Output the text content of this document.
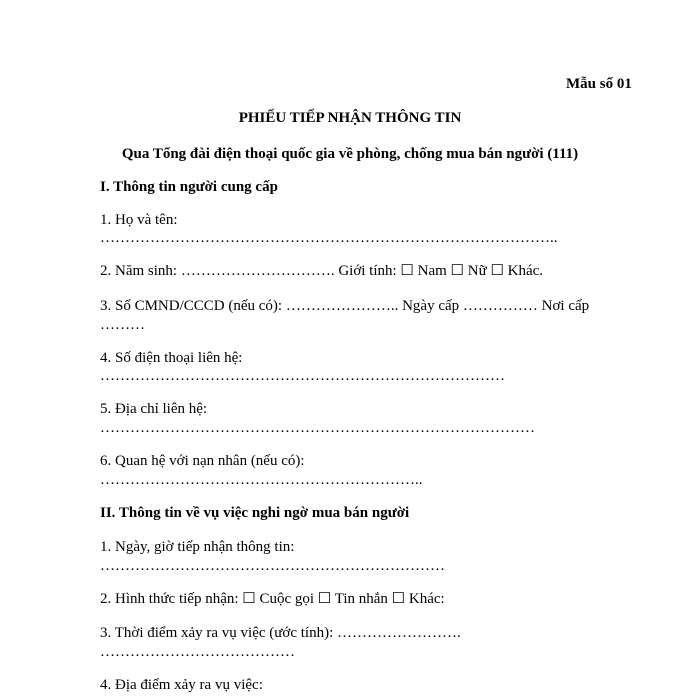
Mẫu số 01
PHIẾU TIẾP NHẬN THÔNG TIN
Qua Tổng đài điện thoại quốc gia về phòng, chống mua bán người (111)
I. Thông tin người cung cấp
1. Họ và tên:
………………………………………………………………………………..
2. Năm sinh: …………………………. Giới tính: ☐ Nam ☐ Nữ ☐ Khác.
3. Số CMND/CCCD (nếu có): ………………….. Ngày cấp …………… Nơi cấp
………
4. Số điện thoại liên hệ:
………………………………………………………………………
5. Địa chỉ liên hệ:
……………………………………………………………………………
6. Quan hệ với nạn nhân (nếu có):
………………………………………………………..
II. Thông tin về vụ việc nghi ngờ mua bán người
1. Ngày, giờ tiếp nhận thông tin:
……………………………………………………………
2. Hình thức tiếp nhận: ☐ Cuộc gọi ☐ Tin nhắn ☐ Khác:
3. Thời điểm xảy ra vụ việc (ước tính): …………………….
…………………………………
4. Địa điểm xảy ra vụ việc:
